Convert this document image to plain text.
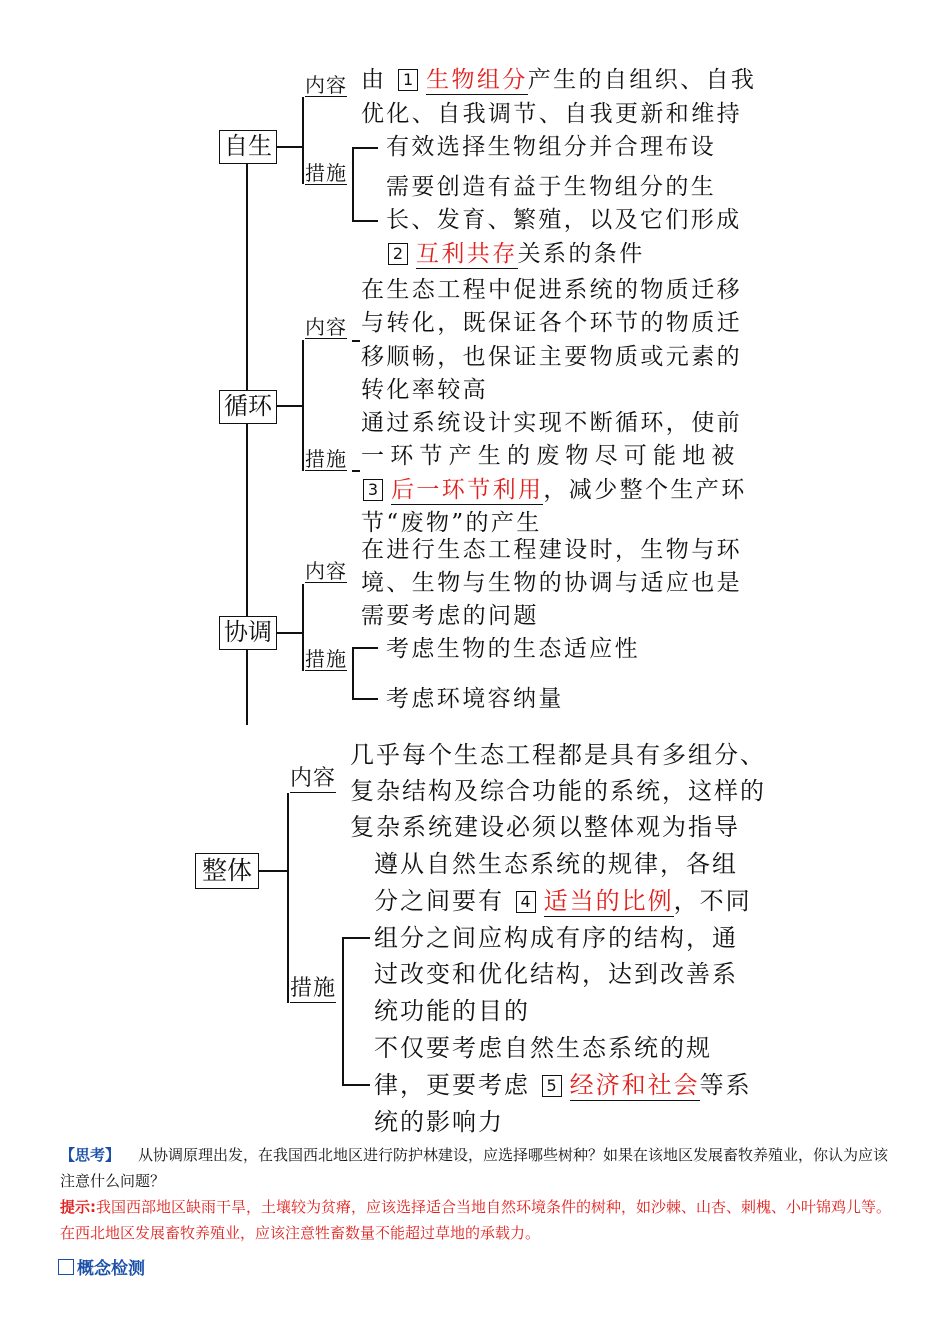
自生
内容
措施
由 1 生物组分产生的自组织、自我
优化、自我调节、自我更新和维持
有效选择生物组分并合理布设
需要创造有益于生物组分的生
长、发育、繁殖，以及它们形成
2 互利共存关系的条件
循环
内容
措施
在生态工程中促进系统的物质迁移
与转化，既保证各个环节的物质迁
移顺畅，也保证主要物质或元素的
转化率较高
通过系统设计实现不断循环，使前
一环节产生的废物尽可能地被
3 后一环节利用，减少整个生产环
节“废物”的产生
协调
内容
措施
在进行生态工程建设时，生物与环
境、生物与生物的协调与适应也是
需要考虑的问题
考虑生物的生态适应性
考虑环境容纳量
整体
内容
措施
几乎每个生态工程都是具有多组分、
复杂结构及综合功能的系统，这样的
复杂系统建设必须以整体观为指导
遵从自然生态系统的规律，各组
分之间要有 4 适当的比例，不同
组分之间应构成有序的结构，通
过改变和优化结构，达到改善系
统功能的目的
不仅要考虑自然生态系统的规
律，更要考虑 5 经济和社会等系
统的影响力
【思考】 从协调原理出发，在我国西北地区进行防护林建设，应选择哪些树种？如果在该地区发展畜牧养殖业，你认为应该注意什么问题？
提示:我国西部地区缺雨干旱，土壤较为贫瘠，应该选择适合当地自然环境条件的树种，如沙棘、山杏、刺槐、小叶锦鸡儿等。在西北地区发展畜牧养殖业，应该注意牲畜数量不能超过草地的承载力。
概念检测
